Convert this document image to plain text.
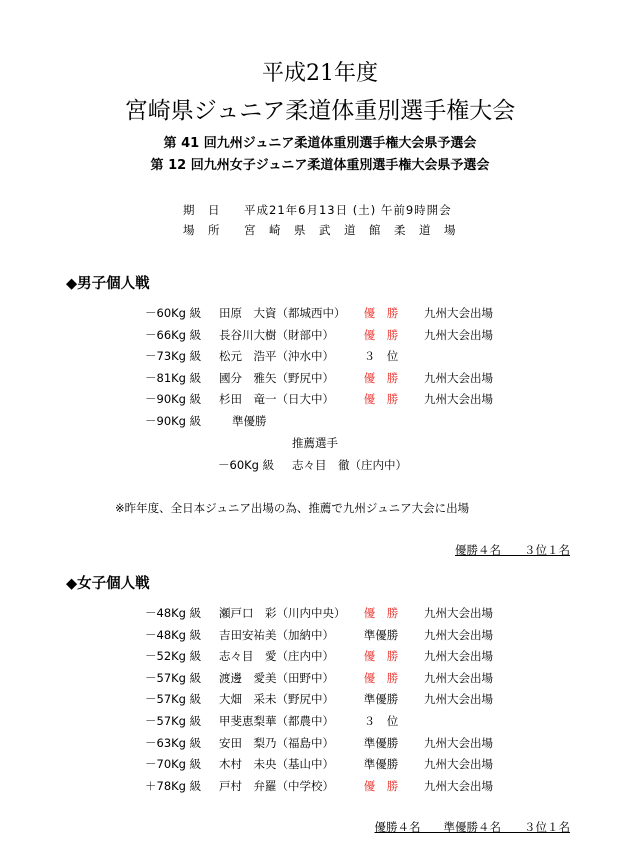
平成21年度
宮崎県ジュニア柔道体重別選手権大会
第 41 回九州ジュニア柔道体重別選手権大会県予選会
第 12 回九州女子ジュニア柔道体重別選手権大会県予選会
期　日 平成21年6月13日 (土) 午前9時開会
場　所 宮　崎　県　武　道　館　柔　道　場
◆男子個人戦
－60Kg 級 田原　大資（都城西中）	優　勝	九州大会出場
－66Kg 級 長谷川大樹（財部中）	優　勝	九州大会出場
－73Kg 級 松元　浩平（沖水中）	３　位
－81Kg 級 國分　雅矢（野尻中）	優　勝	九州大会出場
－90Kg 級 杉田　竜一（日大中）	優　勝	九州大会出場
－90Kg 級	準優勝
推薦選手
－60Kg 級 志々目　徹（庄内中）
※昨年度、全日本ジュニア出場の為、推薦で九州ジュニア大会に出場
優勝４名　　３位１名
◆女子個人戦
－48Kg 級 瀬戸口　彩（川内中央）	優　勝	九州大会出場
－48Kg 級 吉田安祐美（加納中）	準優勝	九州大会出場
－52Kg 級 志々目　愛（庄内中）	優　勝	九州大会出場
－57Kg 級 渡邊　愛美（田野中）	優　勝	九州大会出場
－57Kg 級 大畑　采未（野尻中）	準優勝	九州大会出場
－57Kg 級 甲斐恵梨華（都農中）	３　位
－63Kg 級 安田　梨乃（福島中）	準優勝	九州大会出場
－70Kg 級 木村　未央（基山中）	準優勝	九州大会出場
＋78Kg 級 戸村　弁羅（中学校）	優　勝	九州大会出場
優勝４名　　準優勝４名　　３位１名
